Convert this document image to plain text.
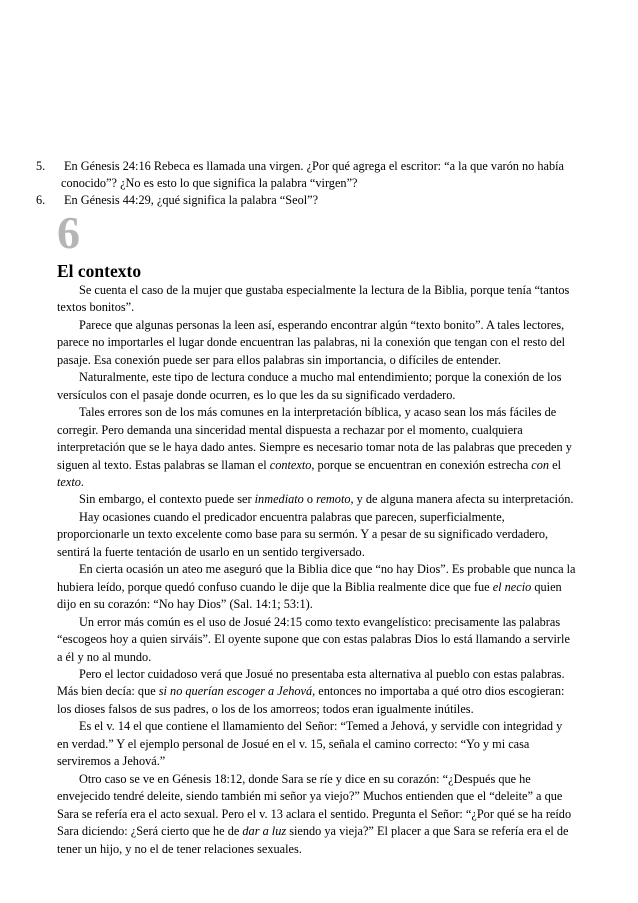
5. En Génesis 24:16 Rebeca es llamada una virgen. ¿Por qué agrega el escritor: “a la que varón no había conocido”? ¿No es esto lo que significa la palabra “virgen”?
6. En Génesis 44:29, ¿qué significa la palabra “Seol”?
6
El contexto

Se cuenta el caso de la mujer que gustaba especialmente la lectura de la Biblia, porque tenía “tantos textos bonitos”.

Parece que algunas personas la leen así, esperando encontrar algún “texto bonito”. A tales lectores, parece no importarles el lugar donde encuentran las palabras, ni la conexión que tengan con el resto del pasaje. Esa conexión puede ser para ellos palabras sin importancia, o difíciles de entender.

Naturalmente, este tipo de lectura conduce a mucho mal entendimiento; porque la conexión de los versículos con el pasaje donde ocurren, es lo que les da su significado verdadero.

Tales errores son de los más comunes en la interpretación bíblica, y acaso sean los más fáciles de corregir. Pero demanda una sinceridad mental dispuesta a rechazar por el momento, cualquiera interpretación que se le haya dado antes. Siempre es necesario tomar nota de las palabras que preceden y siguen al texto. Estas palabras se llaman el contexto, porque se encuentran en conexión estrecha con el texto.

Sin embargo, el contexto puede ser inmediato o remoto, y de alguna manera afecta su interpretación.

Hay ocasiones cuando el predicador encuentra palabras que parecen, superficialmente, proporcionarle un texto excelente como base para su sermón. Y a pesar de su significado verdadero, sentirá la fuerte tentación de usarlo en un sentido tergiversado.

En cierta ocasión un ateo me aseguró que la Biblia dice que “no hay Dios”. Es probable que nunca la hubiera leído, porque quedó confuso cuando le dije que la Biblia realmente dice que fue el necio quien dijo en su corazón: “No hay Dios” (Sal. 14:1; 53:1).

Un error más común es el uso de Josué 24:15 como texto evangelístico: precisamente las palabras “escogeos hoy a quien sirváis”. El oyente supone que con estas palabras Dios lo está llamando a servirle a él y no al mundo.

Pero el lector cuidadoso verá que Josué no presentaba esta alternativa al pueblo con estas palabras. Más bien decía: que si no querían escoger a Jehová, entonces no importaba a qué otro dios escogieran: los dioses falsos de sus padres, o los de los amorreos; todos eran igualmente inútiles.

Es el v. 14 el que contiene el llamamiento del Señor: “Temed a Jehová, y servidle con integridad y en verdad.” Y el ejemplo personal de Josué en el v. 15, señala el camino correcto: “Yo y mi casa serviremos a Jehová.”

Otro caso se ve en Génesis 18:12, donde Sara se ríe y dice en su corazón: “¿Después que he envejecido tendré deleite, siendo también mi señor ya viejo?” Muchos entienden que el “deleite” a que Sara se refería era el acto sexual. Pero el v. 13 aclara el sentido. Pregunta el Señor: “¿Por qué se ha reído Sara diciendo: ¿Será cierto que he de dar a luz siendo ya vieja?” El placer a que Sara se refería era el de tener un hijo, y no el de tener relaciones sexuales.
